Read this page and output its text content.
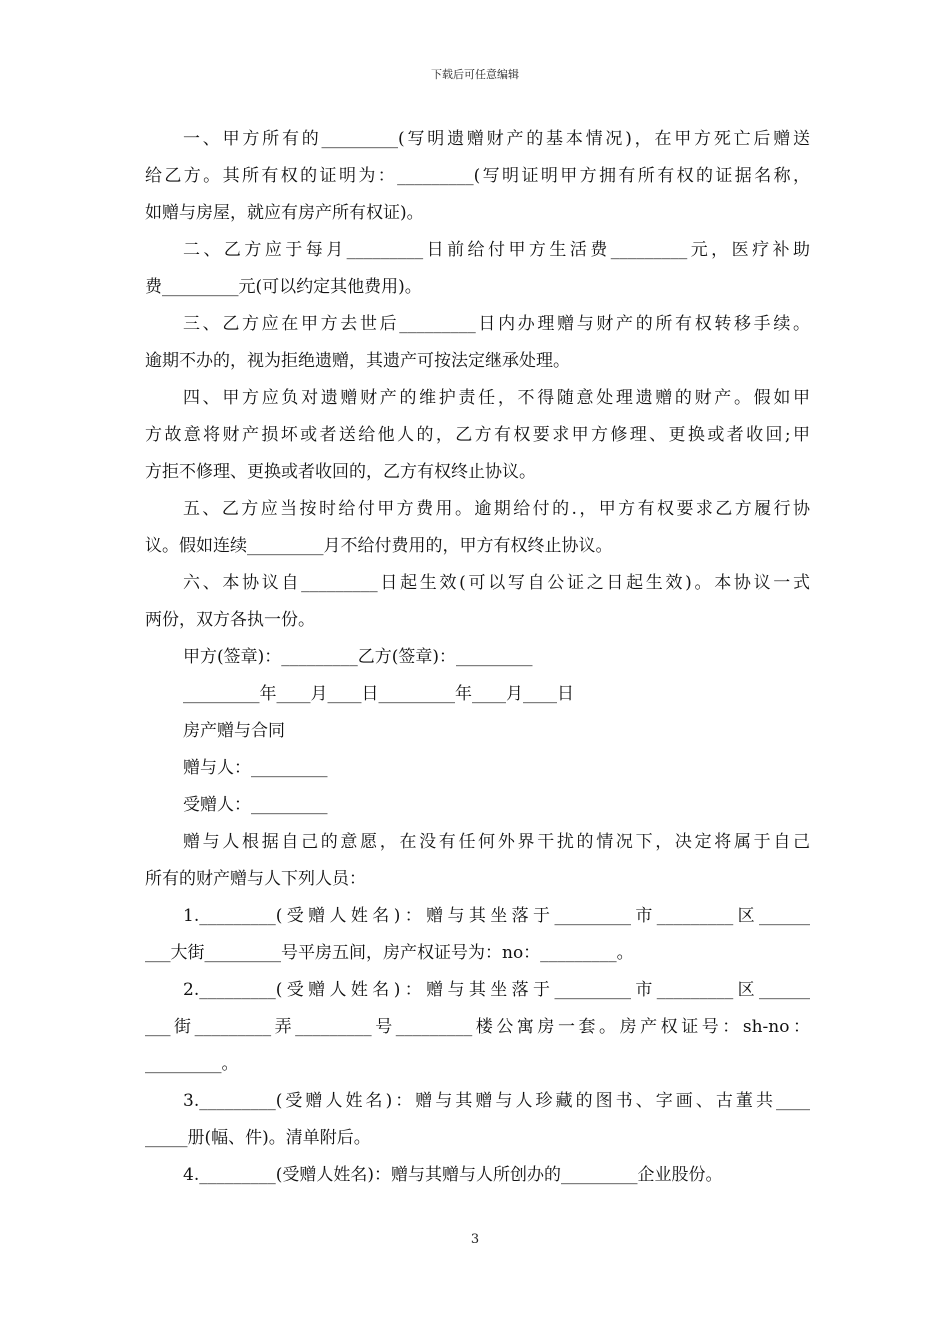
下载后可任意编辑
一、甲方所有的_________(写明遗赠财产的基本情况)，在甲方死亡后赠送
给乙方。其所有权的证明为：_________(写明证明甲方拥有所有权的证据名称，
如赠与房屋，就应有房产所有权证)。
二、乙方应于每月_________日前给付甲方生活费_________元，医疗补助
费_________元(可以约定其他费用)。
三、乙方应在甲方去世后_________日内办理赠与财产的所有权转移手续。
逾期不办的，视为拒绝遗赠，其遗产可按法定继承处理。
四、甲方应负对遗赠财产的维护责任，不得随意处理遗赠的财产。假如甲
方故意将财产损坏或者送给他人的，乙方有权要求甲方修理、更换或者收回;甲
方拒不修理、更换或者收回的，乙方有权终止协议。
五、乙方应当按时给付甲方费用。逾期给付的.，甲方有权要求乙方履行协
议。假如连续_________月不给付费用的，甲方有权终止协议。
六、本协议自_________日起生效(可以写自公证之日起生效)。本协议一式
两份，双方各执一份。
甲方(签章)：_________乙方(签章)：_________
_________年____月____日_________年____月____日
房产赠与合同
赠与人：_________
受赠人：_________
赠与人根据自己的意愿，在没有任何外界干扰的情况下，决定将属于自己
所有的财产赠与人下列人员：
1._________(受赠人姓名)：赠与其坐落于_________市_________区______
___大街_________号平房五间，房产权证号为：no：_________。
2._________(受赠人姓名)：赠与其坐落于_________市_________区______
___街_________弄_________号_________楼公寓房一套。房产权证号：sh-no：
_________。
3._________(受赠人姓名)：赠与其赠与人珍藏的图书、字画、古董共____
_____册(幅、件)。清单附后。
4._________(受赠人姓名)：赠与其赠与人所创办的_________企业股份。
3
